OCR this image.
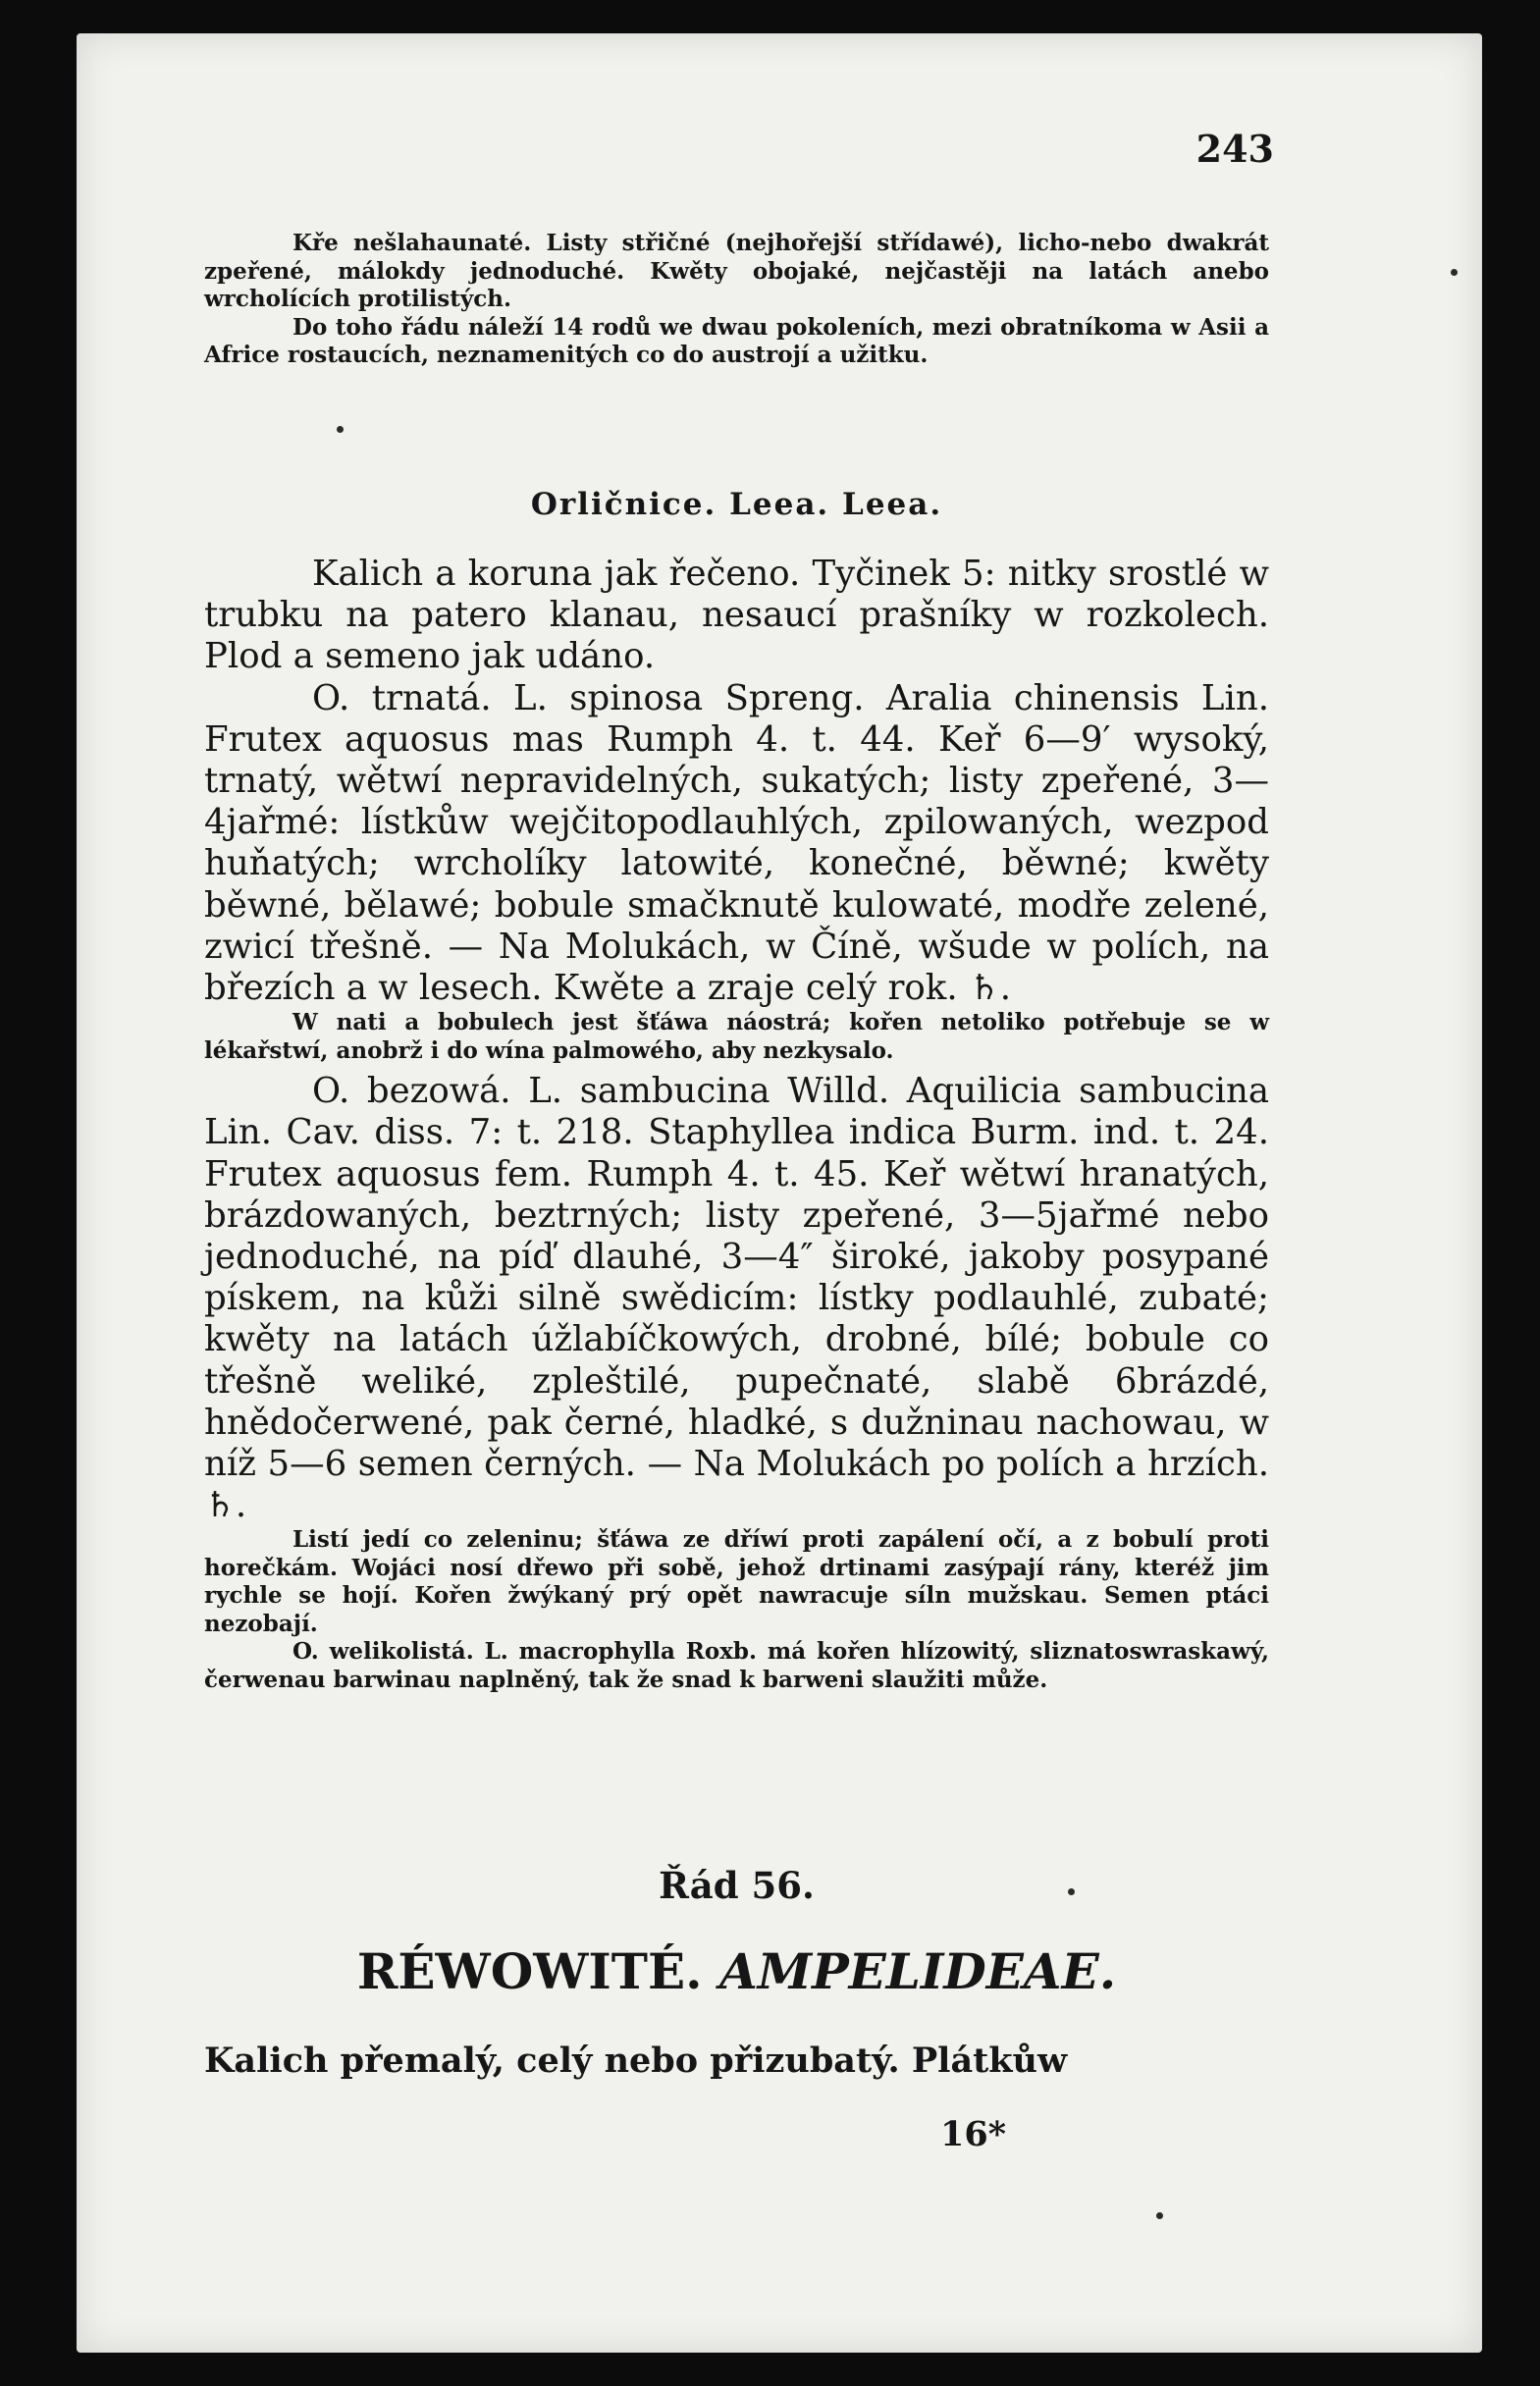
243

Kře nešlahaunaté. Listy střičné (nejhořejší střídawé), licho-nebo dwakrát zpeřené, málokdy jednoduché. Kwěty obojaké, nejčastěji na latách anebo wrcholících protilistých.

Do toho řádu náleží 14 rodů we dwau pokoleních, mezi obratníkoma w Asii a Africe rostaucích, neznamenitých co do austrojí a užitku.

Orličnice. Leea. Leea.

Kalich a koruna jak řečeno. Tyčinek 5: nitky srostlé w trubku na patero klanau, nesaucí prašníky w rozkolech. Plod a semeno jak udáno.

O. trnatá. L. spinosa Spreng. Aralia chinensis Lin. Frutex aquosus mas Rumph 4. t. 44. Keř 6—9′ wysoký, trnatý, wětwí nepravidelných, sukatých; listy zpeřené, 3—4jařmé: lístkůw wejčitopodlauhlých, zpilowaných, wezpod huňatých; wrcholíky latowité, konečné, běwné; kwěty běwné, bělawé; bobule smačknutě kulowaté, modře zelené, zwicí třešně. — Na Molukách, w Číně, wšude w polích, na březích a w lesech. Kwěte a zraje celý rok. ♄.

W nati a bobulech jest šťáwa náostrá; kořen netoliko potřebuje se w lékařstwí, anobrž i do wína palmowého, aby nezkysalo.

O. bezowá. L. sambucina Willd. Aquilicia sambucina Lin. Cav. diss. 7: t. 218. Staphyllea indica Burm. ind. t. 24. Frutex aquosus fem. Rumph 4. t. 45. Keř wětwí hranatých, brázdowaných, beztrných; listy zpeřené, 3—5jařmé nebo jednoduché, na píď dlauhé, 3—4″ široké, jakoby posypané pískem, na kůži silně swědicím: lístky podlauhlé, zubaté; kwěty na latách úžlabíčkowých, drobné, bílé; bobule co třešně weliké, zpleštilé, pupečnaté, slabě 6brázdé, hnědočerwené, pak černé, hladké, s dužninau nachowau, w níž 5—6 semen černých. — Na Molukách po polích a hrzích. ♄.

Listí jedí co zeleninu; šťáwa ze dříwí proti zapálení očí, a z bobulí proti horečkám. Wojáci nosí dřewo při sobě, jehož drtinami zasýpají rány, kteréž jim rychle se hojí. Kořen žwýkaný prý opět nawracuje síln mužskau. Semen ptáci nezobají.

O. welikolistá. L. macrophylla Roxb. má kořen hlízowitý, sliznatoswraskawý, čerwenau barwinau naplněný, tak že snad k barweni slaužiti může.

Řád 56.

RÉWOWITÉ. AMPELIDEAE.

Kalich přemalý, celý nebo přizubatý. Plátkůw

16*
